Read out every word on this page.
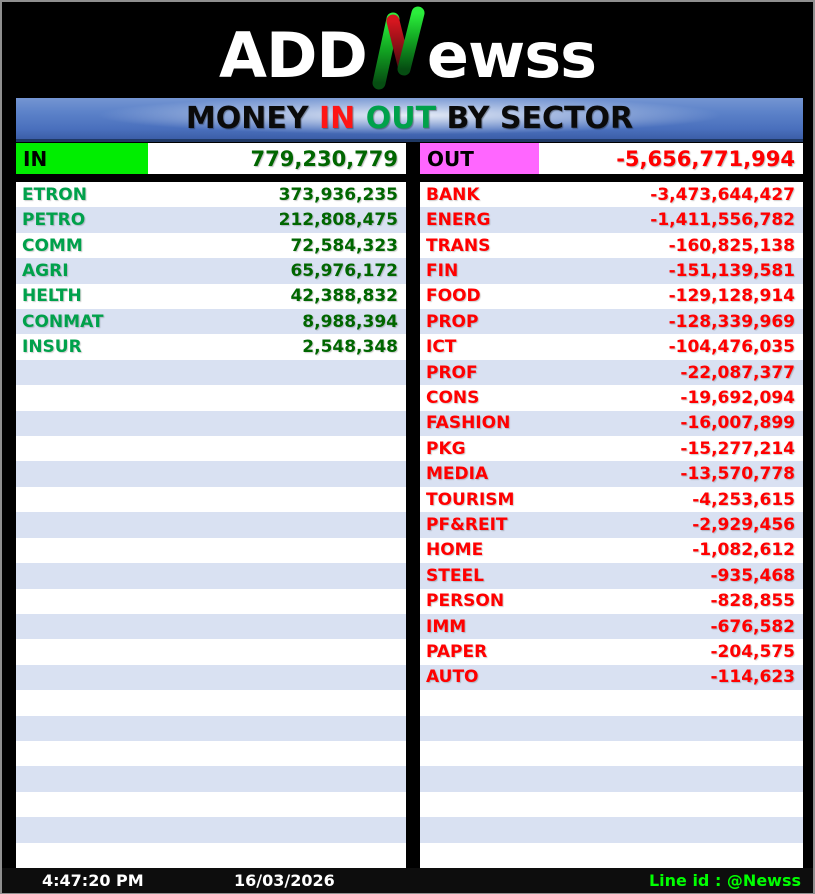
ADD ewss
MONEY IN OUT BY SECTOR
IN	779,230,779	OUT	-5,656,771,994
ETRON	373,936,235
PETRO	212,808,475
COMM	72,584,323
AGRI	65,976,172
HELTH	42,388,832
CONMAT	8,988,394
INSUR	2,548,348
BANK	-3,473,644,427
ENERG	-1,411,556,782
TRANS	-160,825,138
FIN	-151,139,581
FOOD	-129,128,914
PROP	-128,339,969
ICT	-104,476,035
PROF	-22,087,377
CONS	-19,692,094
FASHION	-16,007,899
PKG	-15,277,214
MEDIA	-13,570,778
TOURISM	-4,253,615
PF&REIT	-2,929,456
HOME	-1,082,612
STEEL	-935,468
PERSON	-828,855
IMM	-676,582
PAPER	-204,575
AUTO	-114,623
4:47:20 PM	16/03/2026	Line id : @Newss
